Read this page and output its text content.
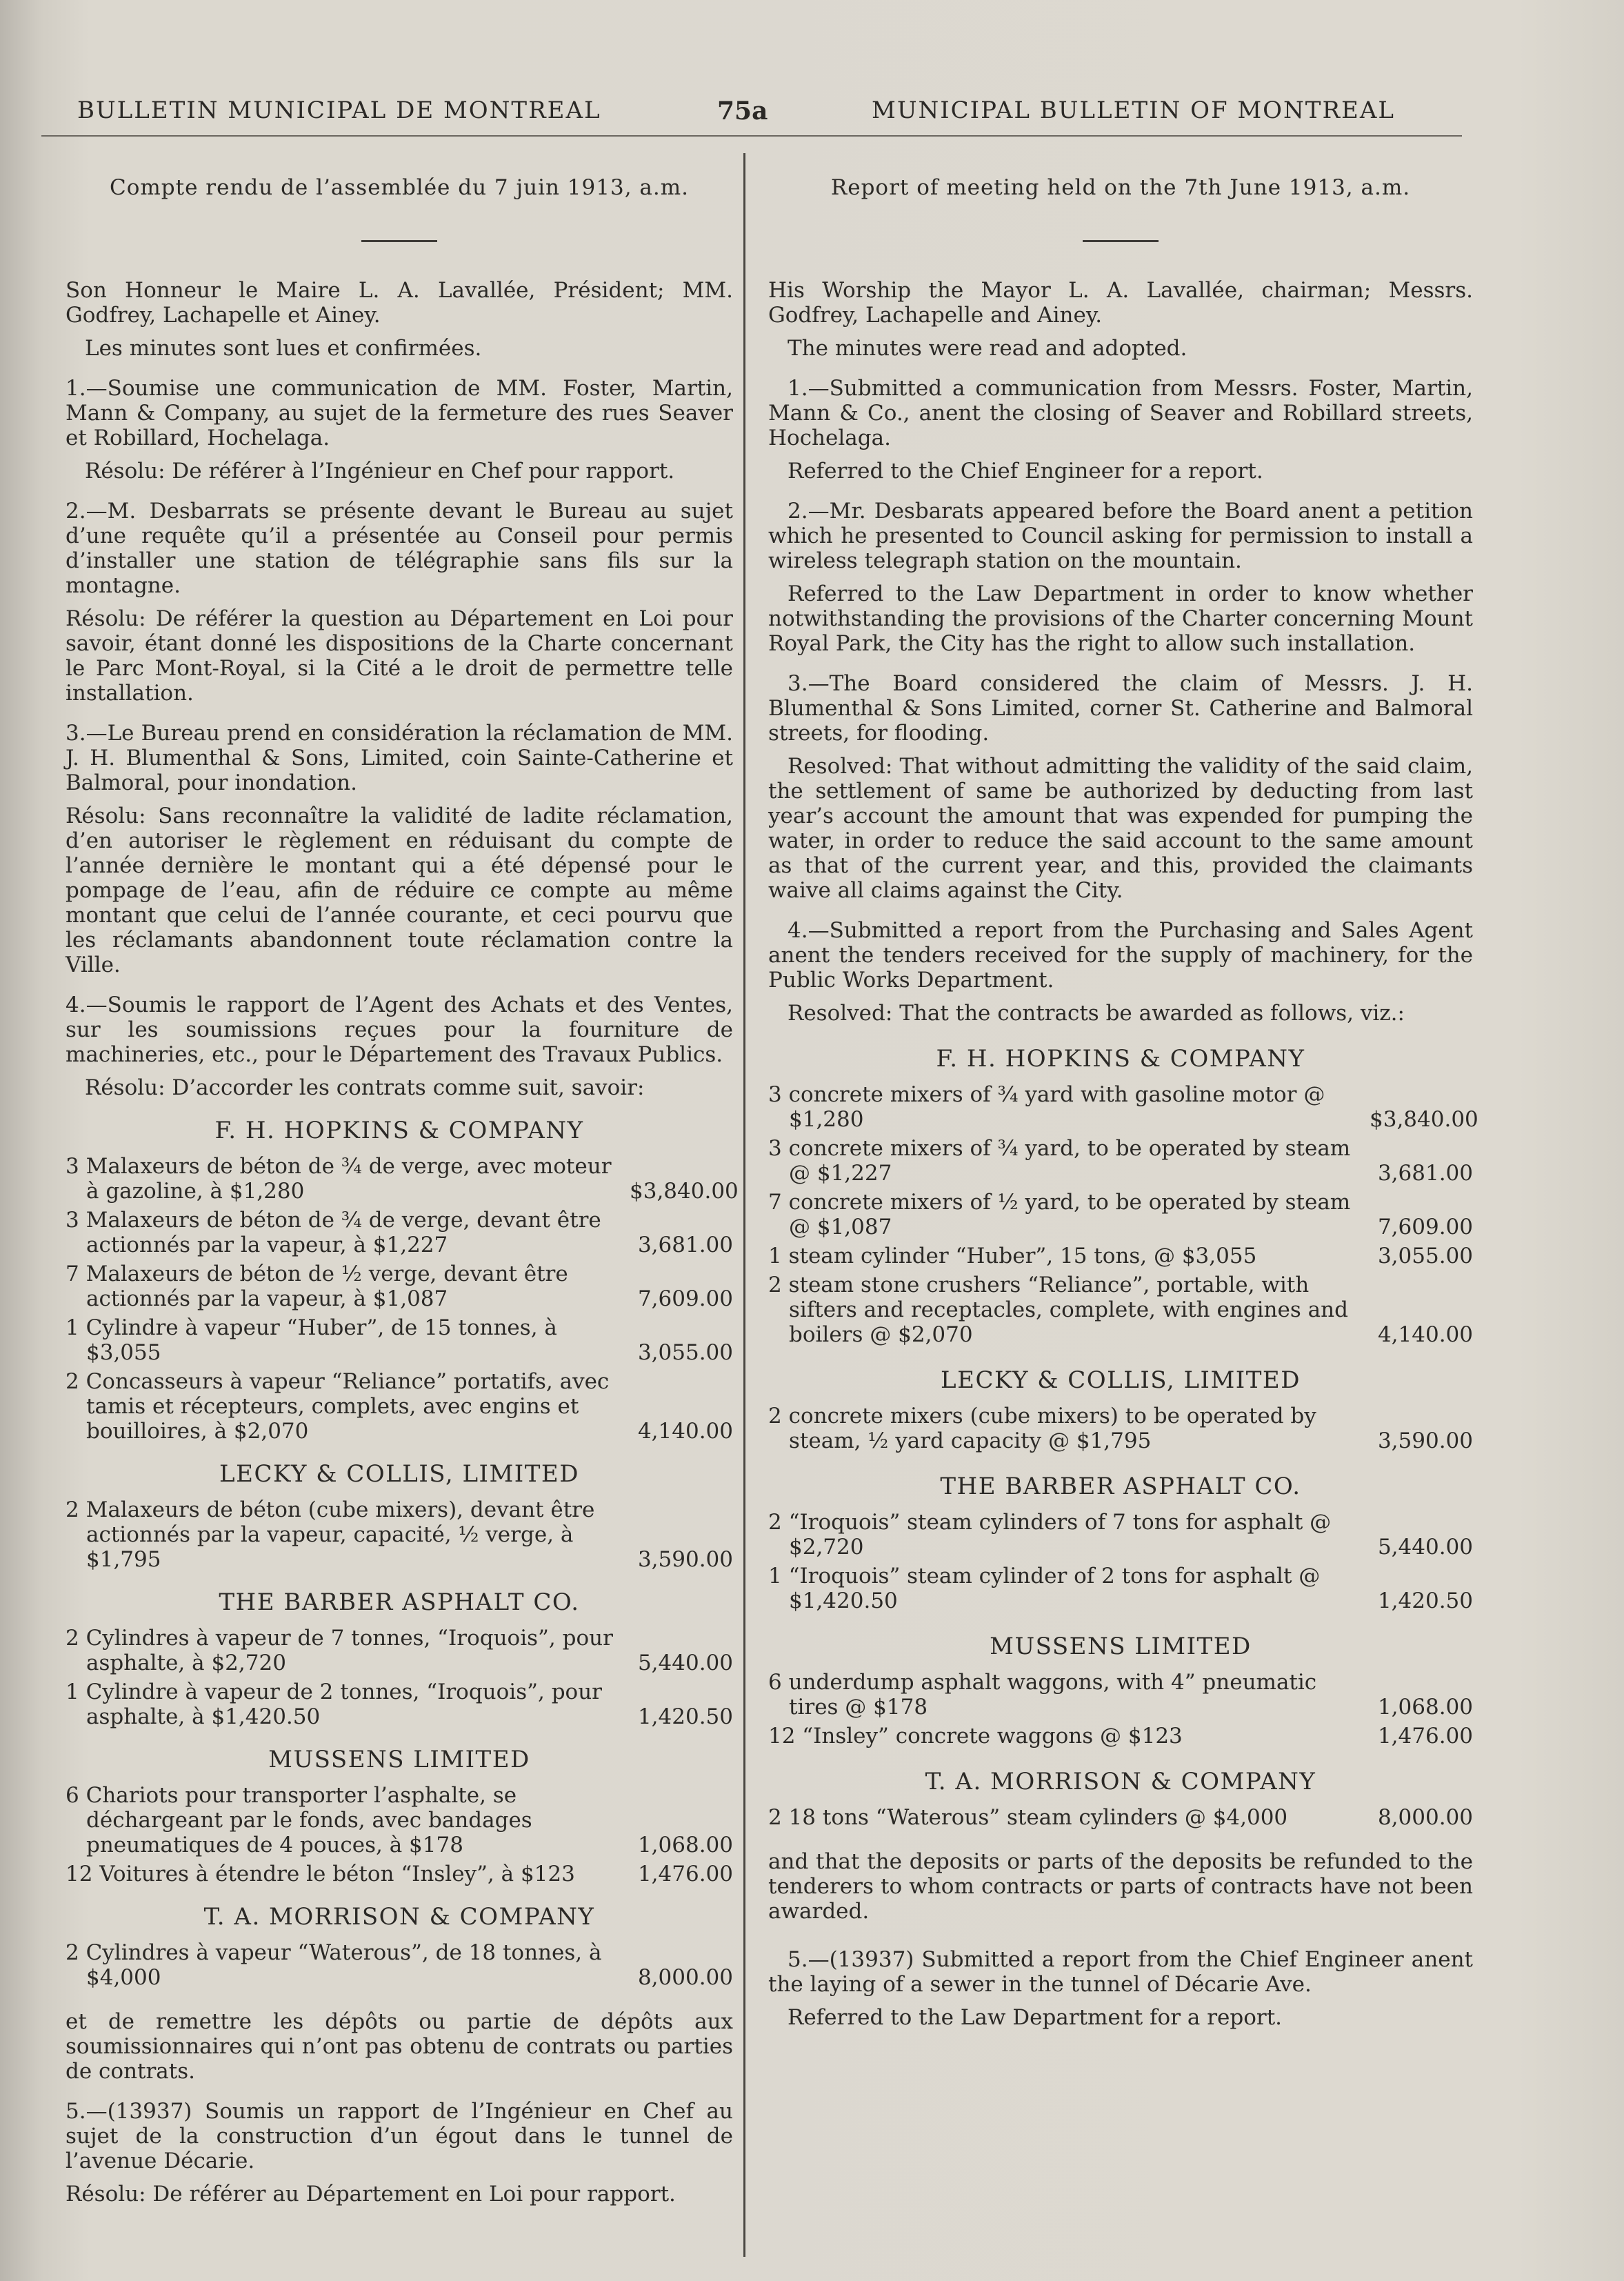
BULLETIN MUNICIPAL DE MONTREAL	75a	MUNICIPAL BULLETIN OF MONTREAL
Compte rendu de l’assemblée du 7 juin 1913, a.m.

Son Honneur le Maire L. A. Lavallée, Président; MM. Godfrey, Lachapelle et Ainey.

Les minutes sont lues et confirmées.

1.—Soumise une communication de MM. Foster, Martin, Mann & Company, au sujet de la fermeture des rues Seaver et Robillard, Hochelaga.

Résolu: De référer à l’Ingénieur en Chef pour rapport.

2.—M. Desbarrats se présente devant le Bureau au sujet d’une requête qu’il a présentée au Conseil pour permis d’installer une station de télégraphie sans fils sur la montagne.

Résolu: De référer la question au Département en Loi pour savoir, étant donné les dispositions de la Charte concernant le Parc Mont-Royal, si la Cité a le droit de permettre telle installation.

3.—Le Bureau prend en considération la réclamation de MM. J. H. Blumenthal & Sons, Limited, coin Sainte-Catherine et Balmoral, pour inondation.

Résolu: Sans reconnaître la validité de ladite réclamation, d’en autoriser le règlement en réduisant du compte de l’année dernière le montant qui a été dépensé pour le pompage de l’eau, afin de réduire ce compte au même montant que celui de l’année courante, et ceci pourvu que les réclamants abandonnent toute réclamation contre la Ville.

4.—Soumis le rapport de l’Agent des Achats et des Ventes, sur les soumissions reçues pour la fourniture de machineries, etc., pour le Département des Travaux Publics.

Résolu: D’accorder les contrats comme suit, savoir:

F. H. HOPKINS & COMPANY
3 Malaxeurs de béton de ¾ de verge, avec moteur à gazoline, à $1,280	$3,840.00
3 Malaxeurs de béton de ¾ de verge, devant être actionnés par la vapeur, à $1,227	3,681.00
7 Malaxeurs de béton de ½ verge, devant être actionnés par la vapeur, à $1,087	7,609.00
1 Cylindre à vapeur “Huber”, de 15 tonnes, à $3,055	3,055.00
2 Concasseurs à vapeur “Reliance” portatifs, avec tamis et récepteurs, complets, avec engins et bouilloires, à $2,070	4,140.00
LECKY & COLLIS, LIMITED
2 Malaxeurs de béton (cube mixers), devant être actionnés par la vapeur, capacité, ½ verge, à $1,795	3,590.00
THE BARBER ASPHALT CO.
2 Cylindres à vapeur de 7 tonnes, “Iroquois”, pour asphalte, à $2,720	5,440.00
1 Cylindre à vapeur de 2 tonnes, “Iroquois”, pour asphalte, à $1,420.50	1,420.50
MUSSENS LIMITED
6 Chariots pour transporter l’asphalte, se déchargeant par le fonds, avec bandages pneumatiques de 4 pouces, à $178	1,068.00
12 Voitures à étendre le béton “Insley”, à $123	1,476.00
T. A. MORRISON & COMPANY
2 Cylindres à vapeur “Waterous”, de 18 tonnes, à $4,000	8,000.00

et de remettre les dépôts ou partie de dépôts aux soumissionnaires qui n’ont pas obtenu de contrats ou parties de contrats.

5.—(13937) Soumis un rapport de l’Ingénieur en Chef au sujet de la construction d’un égout dans le tunnel de l’avenue Décarie.

Résolu: De référer au Département en Loi pour rapport.

Report of meeting held on the 7th June 1913, a.m.

His Worship the Mayor L. A. Lavallée, chairman; Messrs. Godfrey, Lachapelle and Ainey.

The minutes were read and adopted.

1.—Submitted a communication from Messrs. Foster, Martin, Mann & Co., anent the closing of Seaver and Robillard streets, Hochelaga.

Referred to the Chief Engineer for a report.

2.—Mr. Desbarats appeared before the Board anent a petition which he presented to Council asking for permission to install a wireless telegraph station on the mountain.

Referred to the Law Department in order to know whether notwithstanding the provisions of the Charter concerning Mount Royal Park, the City has the right to allow such installation.

3.—The Board considered the claim of Messrs. J. H. Blumenthal & Sons Limited, corner St. Catherine and Balmoral streets, for flooding.

Resolved: That without admitting the validity of the said claim, the settlement of same be authorized by deducting from last year’s account the amount that was expended for pumping the water, in order to reduce the said account to the same amount as that of the current year, and this, provided the claimants waive all claims against the City.

4.—Submitted a report from the Purchasing and Sales Agent anent the tenders received for the supply of machinery, for the Public Works Department.

Resolved: That the contracts be awarded as follows, viz.:

F. H. HOPKINS & COMPANY
3 concrete mixers of ¾ yard with gasoline motor @ $1,280	$3,840.00
3 concrete mixers of ¾ yard, to be operated by steam @ $1,227	3,681.00
7 concrete mixers of ½ yard, to be operated by steam @ $1,087	7,609.00
1 steam cylinder “Huber”, 15 tons, @ $3,055	3,055.00
2 steam stone crushers “Reliance”, portable, with sifters and receptacles, complete, with engines and boilers @ $2,070	4,140.00
LECKY & COLLIS, LIMITED
2 concrete mixers (cube mixers) to be operated by steam, ½ yard capacity @ $1,795	3,590.00
THE BARBER ASPHALT CO.
2 “Iroquois” steam cylinders of 7 tons for asphalt @ $2,720	5,440.00
1 “Iroquois” steam cylinder of 2 tons for asphalt @ $1,420.50	1,420.50
MUSSENS LIMITED
6 underdump asphalt waggons, with 4” pneumatic tires @ $178	1,068.00
12 “Insley” concrete waggons @ $123	1,476.00
T. A. MORRISON & COMPANY
2 18 tons “Waterous” steam cylinders @ $4,000	8,000.00

and that the deposits or parts of the deposits be refunded to the tenderers to whom contracts or parts of contracts have not been awarded.

5.—(13937) Submitted a report from the Chief Engineer anent the laying of a sewer in the tunnel of Décarie Ave.

Referred to the Law Department for a report.
